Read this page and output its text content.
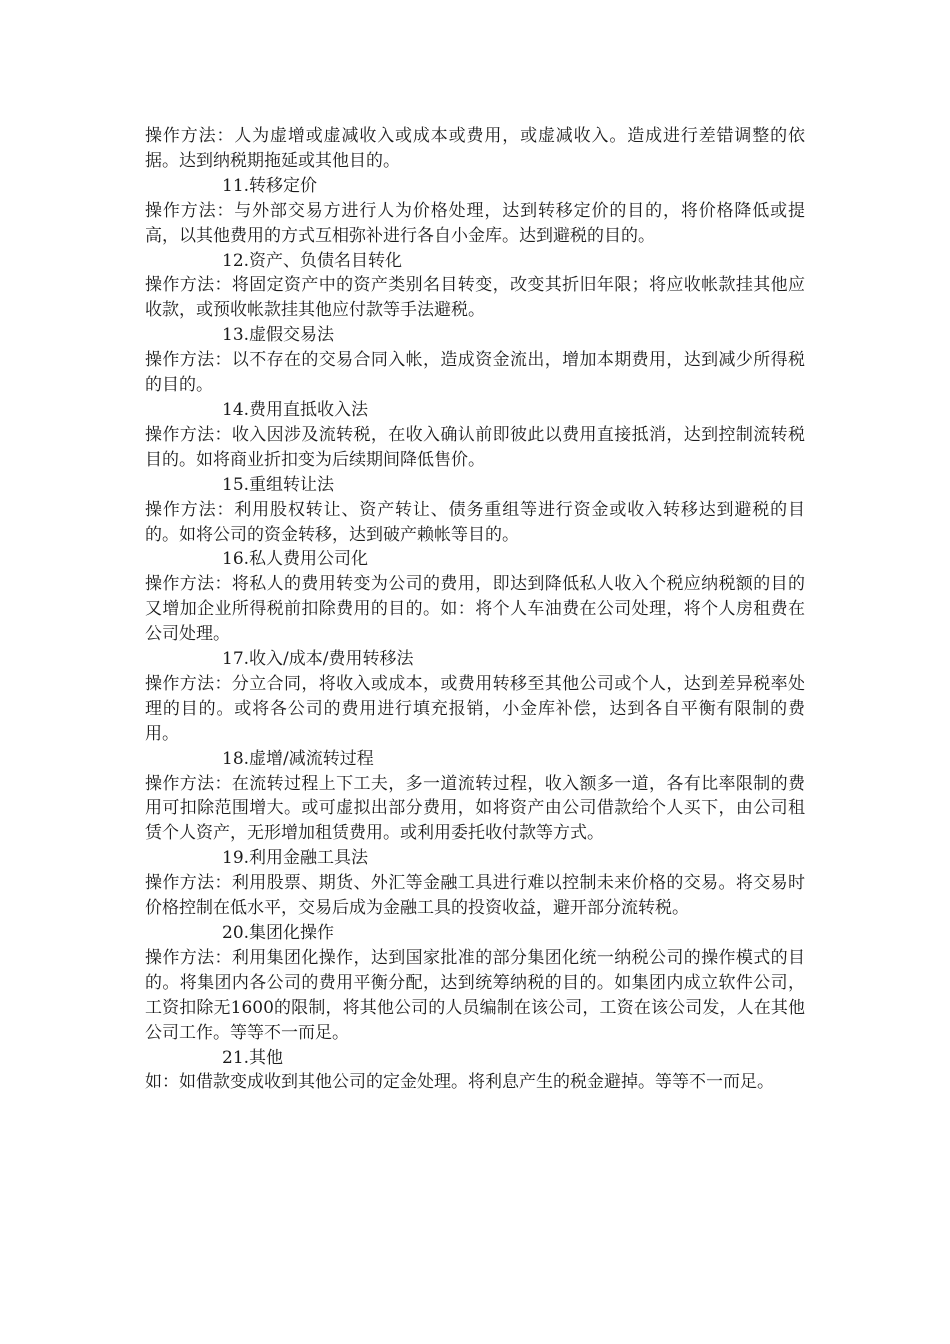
操作方法：人为虚增或虚减收入或成本或费用，或虚减收入。造成进行差错调整的依据。达到纳税期拖延或其他目的。

11.转移定价

操作方法：与外部交易方进行人为价格处理，达到转移定价的目的，将价格降低或提高，以其他费用的方式互相弥补进行各自小金库。达到避税的目的。

12.资产、负债名目转化

操作方法：将固定资产中的资产类别名目转变，改变其折旧年限；将应收帐款挂其他应收款，或预收帐款挂其他应付款等手法避税。

13.虚假交易法

操作方法：以不存在的交易合同入帐，造成资金流出，增加本期费用，达到减少所得税的目的。

14.费用直抵收入法

操作方法：收入因涉及流转税，在收入确认前即彼此以费用直接抵消，达到控制流转税目的。如将商业折扣变为后续期间降低售价。

15.重组转让法

操作方法：利用股权转让、资产转让、债务重组等进行资金或收入转移达到避税的目的。如将公司的资金转移，达到破产赖帐等目的。

16.私人费用公司化

操作方法：将私人的费用转变为公司的费用，即达到降低私人收入个税应纳税额的目的又增加企业所得税前扣除费用的目的。如：将个人车油费在公司处理，将个人房租费在公司处理。

17.收入/成本/费用转移法

操作方法：分立合同，将收入或成本，或费用转移至其他公司或个人，达到差异税率处理的目的。或将各公司的费用进行填充报销，小金库补偿，达到各自平衡有限制的费用。

18.虚增/减流转过程

操作方法：在流转过程上下工夫，多一道流转过程，收入额多一道，各有比率限制的费用可扣除范围增大。或可虚拟出部分费用，如将资产由公司借款给个人买下，由公司租赁个人资产，无形增加租赁费用。或利用委托收付款等方式。

19.利用金融工具法

操作方法：利用股票、期货、外汇等金融工具进行难以控制未来价格的交易。将交易时价格控制在低水平，交易后成为金融工具的投资收益，避开部分流转税。

20.集团化操作

操作方法：利用集团化操作，达到国家批准的部分集团化统一纳税公司的操作模式的目的。将集团内各公司的费用平衡分配，达到统筹纳税的目的。如集团内成立软件公司，工资扣除无1600的限制，将其他公司的人员编制在该公司，工资在该公司发，人在其他公司工作。等等不一而足。

21.其他

如：如借款变成收到其他公司的定金处理。将利息产生的税金避掉。等等不一而足。
